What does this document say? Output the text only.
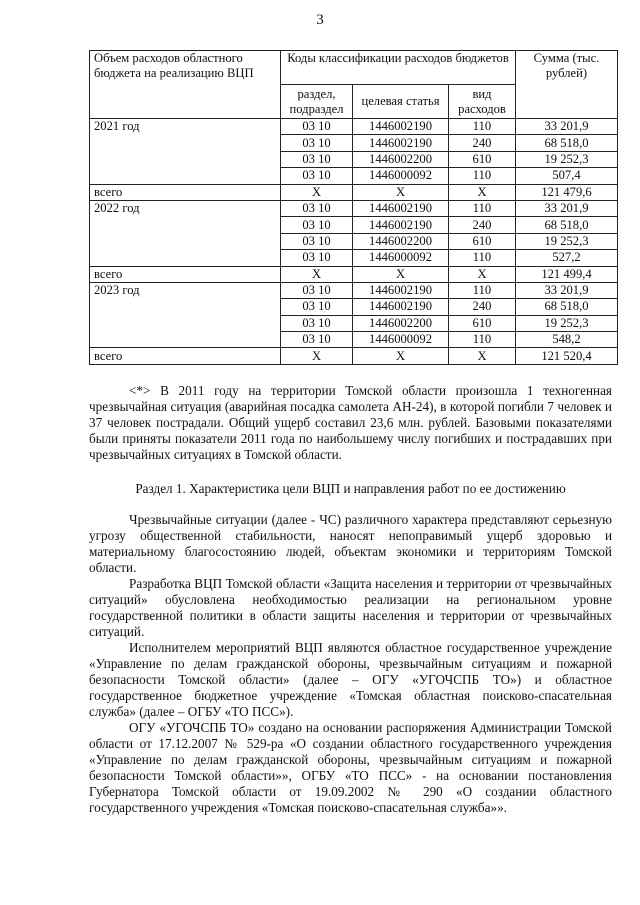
3
Объем расходов областного бюджета на реализацию ВЦП	Коды классификации расходов бюджетов			Сумма (тыс. рублей)
	раздел, подраздел	целевая статья	вид расходов	
2021 год	03 10	1446002190	110	33 201,9
	03 10	1446002190	240	68 518,0
	03 10	1446002200	610	19 252,3
	03 10	1446000092	110	507,4
всего	Х	Х	Х	121 479,6
2022 год	03 10	1446002190	110	33 201,9
	03 10	1446002190	240	68 518,0
	03 10	1446002200	610	19 252,3
	03 10	1446000092	110	527,2
всего	Х	Х	Х	121 499,4
2023 год	03 10	1446002190	110	33 201,9
	03 10	1446002190	240	68 518,0
	03 10	1446002200	610	19 252,3
	03 10	1446000092	110	548,2
всего	Х	Х	Х	121 520,4

<*> В 2011 году на территории Томской области произошла 1 техногенная чрезвычайная ситуация (аварийная посадка самолета АН-24), в которой погибли 7 человек и 37 человек пострадали. Общий ущерб составил 23,6 млн. рублей. Базовыми показателями были приняты показатели 2011 года по наибольшему числу погибших и пострадавших при чрезвычайных ситуациях в Томской области.

Раздел 1. Характеристика цели ВЦП и направления работ по ее достижению

Чрезвычайные ситуации (далее - ЧС) различного характера представляют серьезную угрозу общественной стабильности, наносят непоправимый ущерб здоровью и материальному благосостоянию людей, объектам экономики и территориям Томской области.

Разработка ВЦП Томской области «Защита населения и территории от чрезвычайных ситуаций» обусловлена необходимостью реализации на региональном уровне государственной политики в области защиты населения и территории от чрезвычайных ситуаций.

Исполнителем мероприятий ВЦП являются областное государственное учреждение «Управление по делам гражданской обороны, чрезвычайным ситуациям и пожарной безопасности Томской области» (далее – ОГУ «УГОЧСПБ ТО») и областное государственное бюджетное учреждение «Томская областная поисково-спасательная служба» (далее – ОГБУ «ТО ПСС»).

ОГУ «УГОЧСПБ ТО» создано на основании распоряжения Администрации Томской области от 17.12.2007 № 529-ра «О создании областного государственного учреждения «Управление по делам гражданской обороны, чрезвычайным ситуациям и пожарной безопасности Томской области»», ОГБУ «ТО ПСС» - на основании постановления Губернатора Томской области от 19.09.2002 № 290 «О создании областного государственного учреждения «Томская поисково-спасательная служба»».
